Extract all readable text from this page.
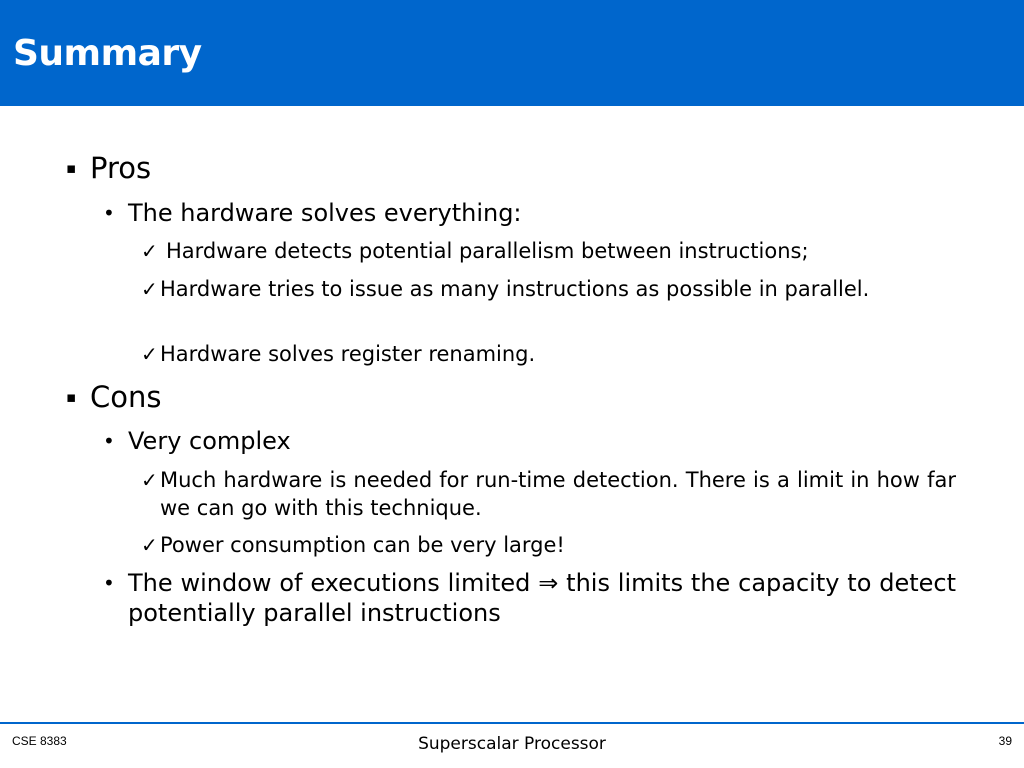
Summary
▪ Pros
• The hardware solves everything:
✓ Hardware detects potential parallelism between instructions;
✓ Hardware tries to issue as many instructions as possible in parallel.
✓ Hardware solves register renaming.
▪ Cons
• Very complex
✓ Much hardware is needed for run-time detection. There is a limit in how far we can go with this technique.
✓ Power consumption can be very large!
• The window of executions limited ⇒ this limits the capacity to detect potentially parallel instructions
CSE 8383	Superscalar Processor	39
